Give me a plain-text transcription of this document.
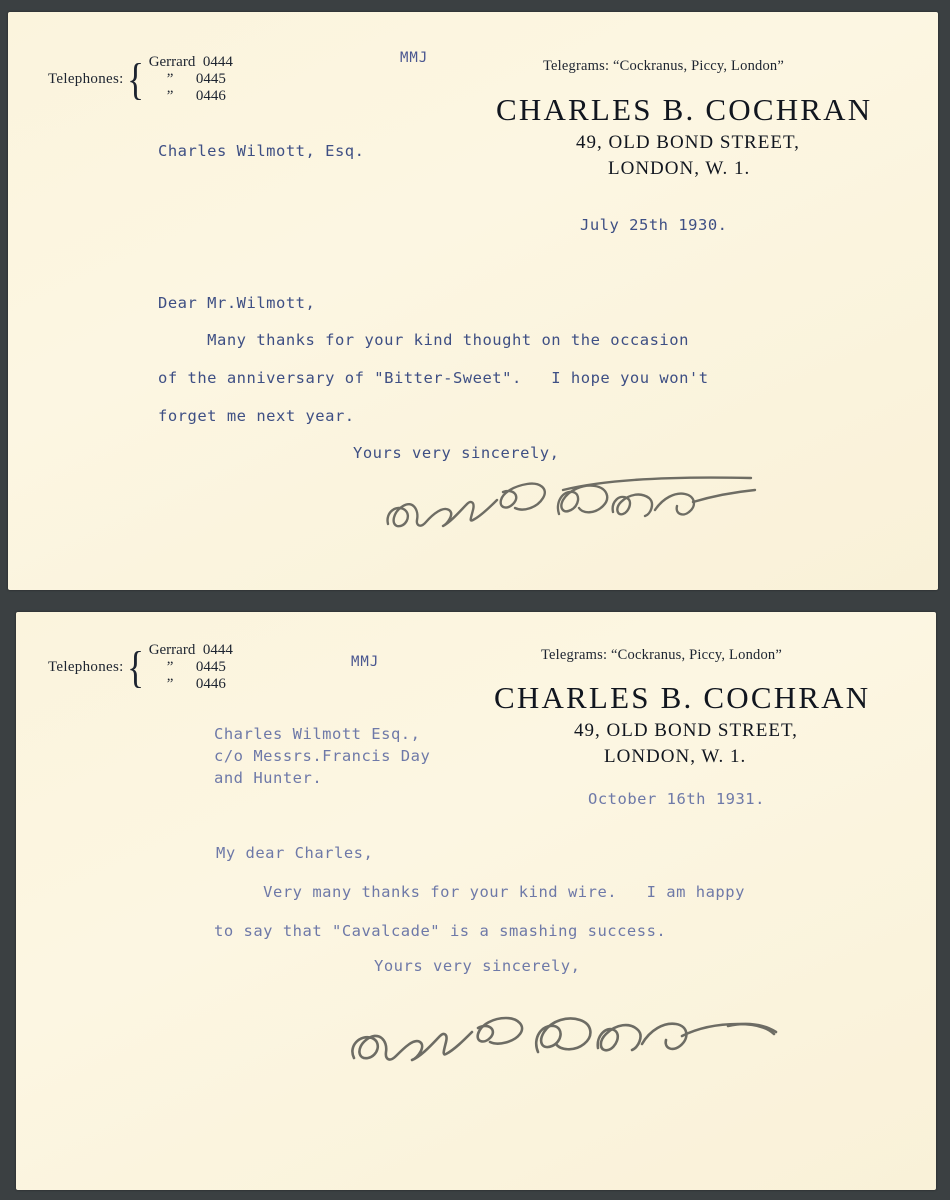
Telephones: { Gerrard  0444
”      0445
”      0446
MMJ	Telegrams: “Cockranus, Piccy, London”
CHARLES B. COCHRAN
49, OLD BOND STREET,
LONDON, W. 1.
Charles Wilmott, Esq.
July 25th 1930.
Dear Mr.Wilmott,
Many thanks for your kind thought on the occasion
of the anniversary of "Bitter-Sweet".   I hope you won't
forget me next year.
Yours very sincerely,
Telephones: { Gerrard  0444
”      0445
”      0446
MMJ	Telegrams: “Cockranus, Piccy, London”
CHARLES B. COCHRAN
49, OLD BOND STREET,
LONDON, W. 1.
Charles Wilmott Esq.,
c/o Messrs.Francis Day
and Hunter.
October 16th 1931.
My dear Charles,
Very many thanks for your kind wire.   I am happy
to say that "Cavalcade" is a smashing success.
Yours very sincerely,
